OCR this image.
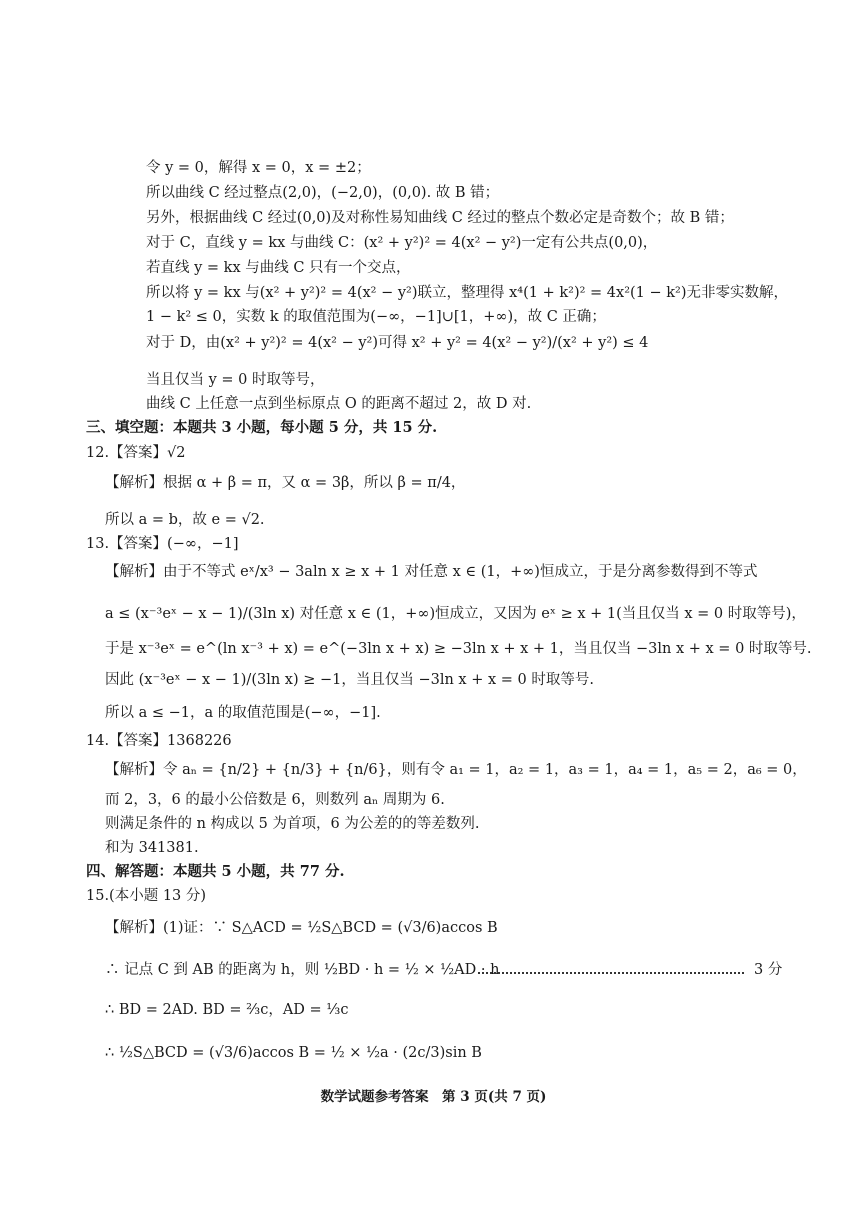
令 y = 0，解得 x = 0，x = ±2；
所以曲线 C 经过整点(2,0)，(−2,0)，(0,0). 故 B 错；
另外，根据曲线 C 经过(0,0)及对称性易知曲线 C 经过的整点个数必定是奇数个；故 B 错；
对于 C，直线 y = kx 与曲线 C：(x² + y²)² = 4(x² − y²)一定有公共点(0,0)，
若直线 y = kx 与曲线 C 只有一个交点，
所以将 y = kx 与(x² + y²)² = 4(x² − y²)联立，整理得 x⁴(1 + k²)² = 4x²(1 − k²)无非零实数解，
1 − k² ≤ 0，实数 k 的取值范围为(−∞，−1]∪[1，+∞)，故 C 正确；
对于 D，由(x² + y²)² = 4(x² − y²)可得 x² + y² = 4(x² − y²)/(x² + y²) ≤ 4
当且仅当 y = 0 时取等号，
曲线 C 上任意一点到坐标原点 O 的距离不超过 2，故 D 对.
三、填空题：本题共 3 小题，每小题 5 分，共 15 分.
12.【答案】√2
【解析】根据 α + β = π，又 α = 3β，所以 β = π/4，
所以 a = b，故 e = √2.
13.【答案】(−∞，−1]
【解析】由于不等式 eˣ/x³ − 3aln x ≥ x + 1 对任意 x ∈ (1，+∞)恒成立，于是分离参数得到不等式
a ≤ (x⁻³eˣ − x − 1)/(3ln x) 对任意 x ∈ (1，+∞)恒成立，又因为 eˣ ≥ x + 1(当且仅当 x = 0 时取等号)，
于是 x⁻³eˣ = e^(ln x⁻³ + x) = e^(−3ln x + x) ≥ −3ln x + x + 1，当且仅当 −3ln x + x = 0 时取等号.
因此 (x⁻³eˣ − x − 1)/(3ln x) ≥ −1，当且仅当 −3ln x + x = 0 时取等号.
所以 a ≤ −1，a 的取值范围是(−∞，−1].
14.【答案】1368226
【解析】令 aₙ = {n/2} + {n/3} + {n/6}，则有令 a₁ = 1，a₂ = 1，a₃ = 1，a₄ = 1，a₅ = 2，a₆ = 0，
而 2，3，6 的最小公倍数是 6，则数列 aₙ 周期为 6.
则满足条件的 n 构成以 5 为首项，6 为公差的的等差数列.
和为 341381.
四、解答题：本题共 5 小题，共 77 分.
15.(本小题 13 分)
【解析】(1)证：∵ S△ACD = ½S△BCD = (√3/6)accos B
∴ 记点 C 到 AB 的距离为 h，则 ½BD · h = ½ × ½AD · h	3 分
∴ BD = 2AD. BD = ⅔c，AD = ⅓c
∴ ½S△BCD = (√3/6)accos B = ½ × ½a · (2c/3)sin B
数学试题参考答案　第 3 页(共 7 页)
